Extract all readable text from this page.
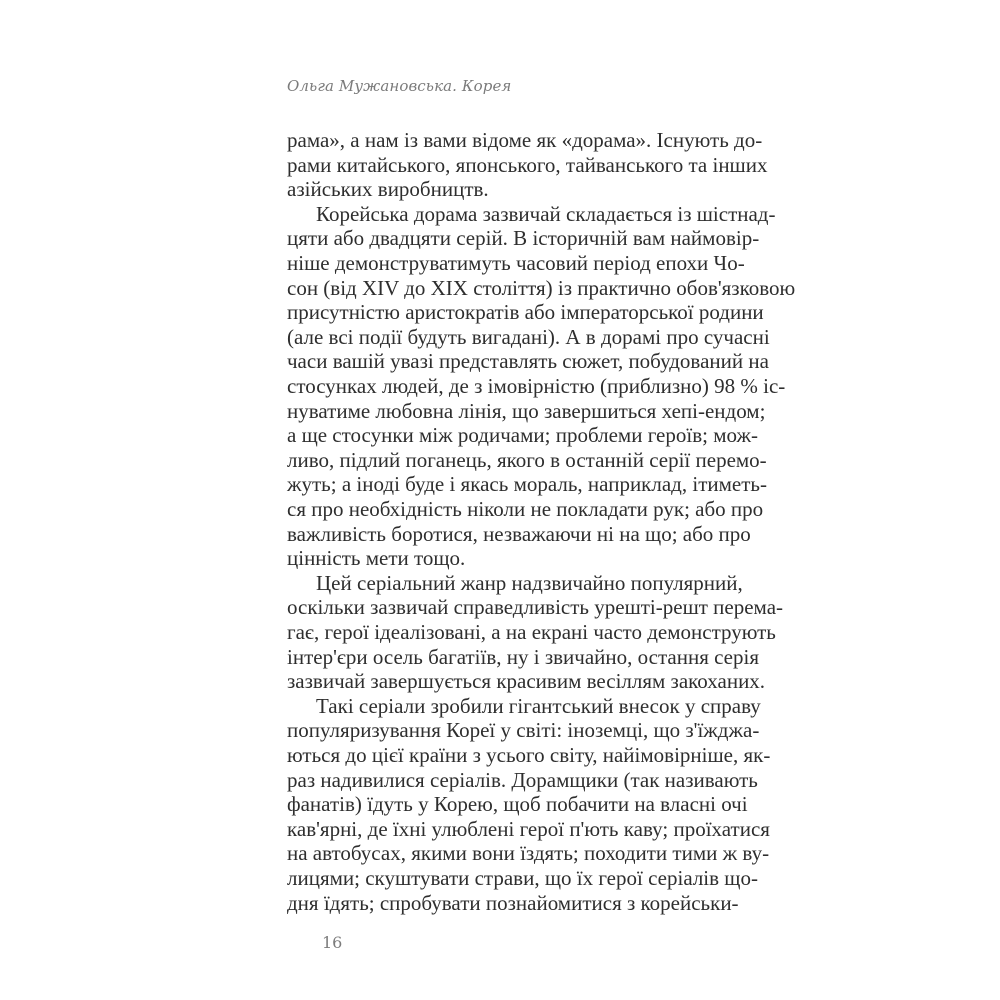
Ольга Мужановська. Корея
рама», а нам із вами відоме як «дорама». Існують до-
рами китайського, японського, тайванського та інших
азійських виробництв.
Корейська дорама зазвичай складається із шістнад-
цяти або двадцяти серій. В історичній вам наймовір-
ніше демонструватимуть часовий період епохи Чо-
сон (від XIV до XIX століття) із практично обов'язковою
присутністю аристократів або імператорської родини
(але всі події будуть вигадані). А в дорамі про сучасні
часи вашій увазі представлять сюжет, побудований на
стосунках людей, де з імовірністю (приблизно) 98 % іс-
нуватиме любовна лінія, що завершиться хепі-ендом;
а ще стосунки між родичами; проблеми героїв; мож-
ливо, підлий поганець, якого в останній серії перемо-
жуть; а іноді буде і якась мораль, наприклад, ітиметь-
ся про необхідність ніколи не покладати рук; або про
важливість боротися, незважаючи ні на що; або про
цінність мети тощо.
Цей серіальний жанр надзвичайно популярний,
оскільки зазвичай справедливість урешті-решт перема-
гає, герої ідеалізовані, а на екрані часто демонструють
інтер'єри осель багатіїв, ну і звичайно, остання серія
зазвичай завершується красивим весіллям закоханих.
Такі серіали зробили гігантський внесок у справу
популяризування Кореї у світі: іноземці, що з'їжджа-
ються до цієї країни з усього світу, найімовірніше, як-
раз надивилися серіалів. Дорамщики (так називають
фанатів) їдуть у Корею, щоб побачити на власні очі
кав'ярні, де їхні улюблені герої п'ють каву; проїхатися
на автобусах, якими вони їздять; походити тими ж ву-
лицями; скуштувати страви, що їх герої серіалів що-
дня їдять; спробувати познайомитися з корейськи-
16
